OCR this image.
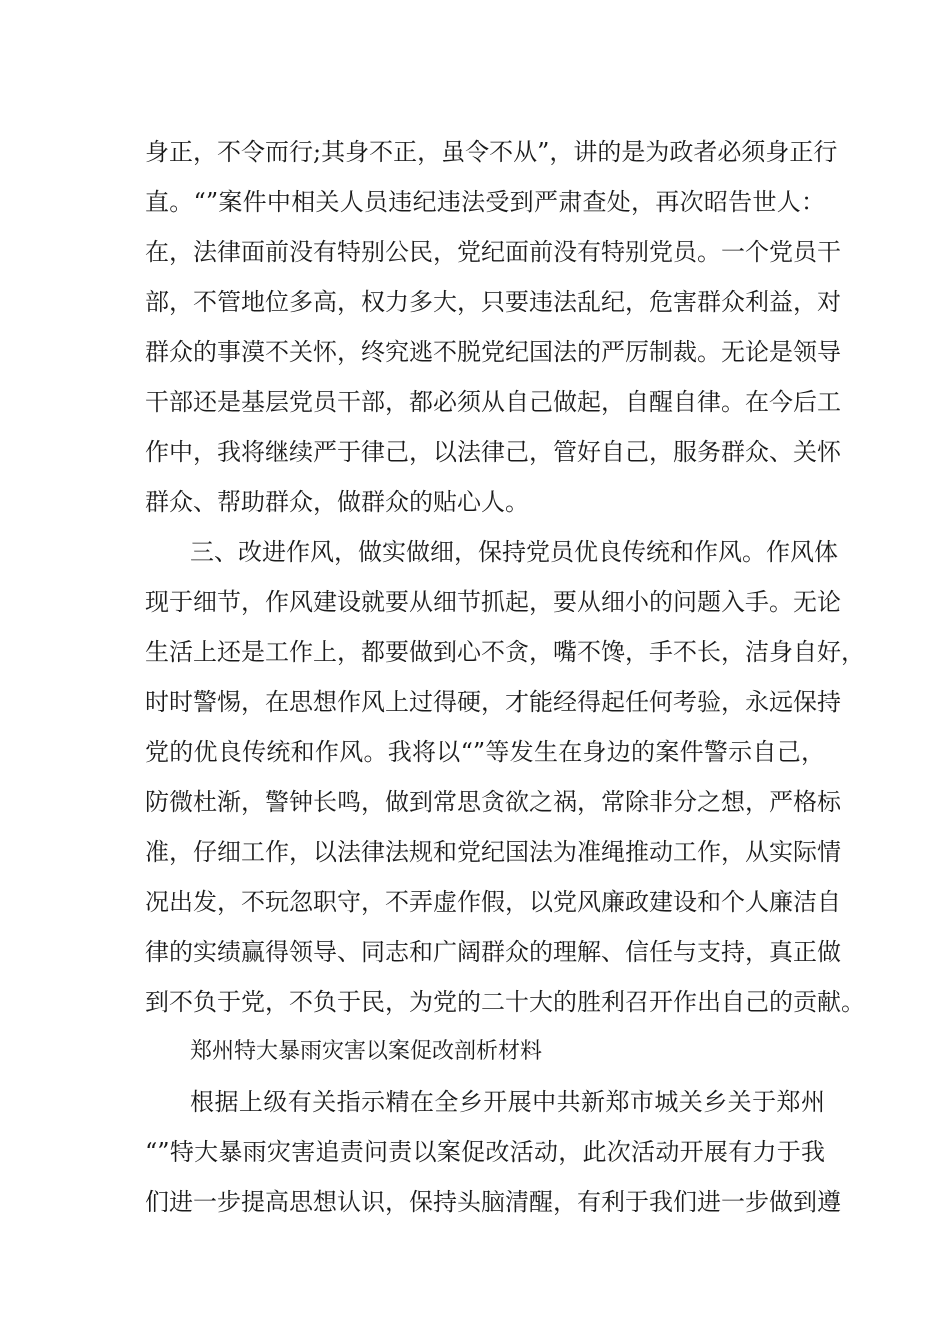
身正，不令而行;其身不正，虽令不从”，讲的是为政者必须身正行
直。“”案件中相关人员违纪违法受到严肃查处，再次昭告世人：
在，法律面前没有特别公民，党纪面前没有特别党员。一个党员干
部，不管地位多高，权力多大，只要违法乱纪，危害群众利益，对
群众的事漠不关怀，终究逃不脱党纪国法的严厉制裁。无论是领导
干部还是基层党员干部，都必须从自己做起，自醒自律。在今后工
作中，我将继续严于律己，以法律己，管好自己，服务群众、关怀
群众、帮助群众，做群众的贴心人。
三、改进作风，做实做细，保持党员优良传统和作风。作风体
现于细节，作风建设就要从细节抓起，要从细小的问题入手。无论
生活上还是工作上，都要做到心不贪，嘴不馋，手不长，洁身自好，
时时警惕，在思想作风上过得硬，才能经得起任何考验，永远保持
党的优良传统和作风。我将以“”等发生在身边的案件警示自己，
防微杜渐，警钟长鸣，做到常思贪欲之祸，常除非分之想，严格标
准，仔细工作，以法律法规和党纪国法为准绳推动工作，从实际情
况出发，不玩忽职守，不弄虚作假，以党风廉政建设和个人廉洁自
律的实绩赢得领导、同志和广阔群众的理解、信任与支持，真正做
到不负于党，不负于民，为党的二十大的胜利召开作出自己的贡献。
郑州特大暴雨灾害以案促改剖析材料
根据上级有关指示精在全乡开展中共新郑市城关乡关于郑州
“”特大暴雨灾害追责问责以案促改活动，此次活动开展有力于我
们进一步提高思想认识，保持头脑清醒，有利于我们进一步做到遵
